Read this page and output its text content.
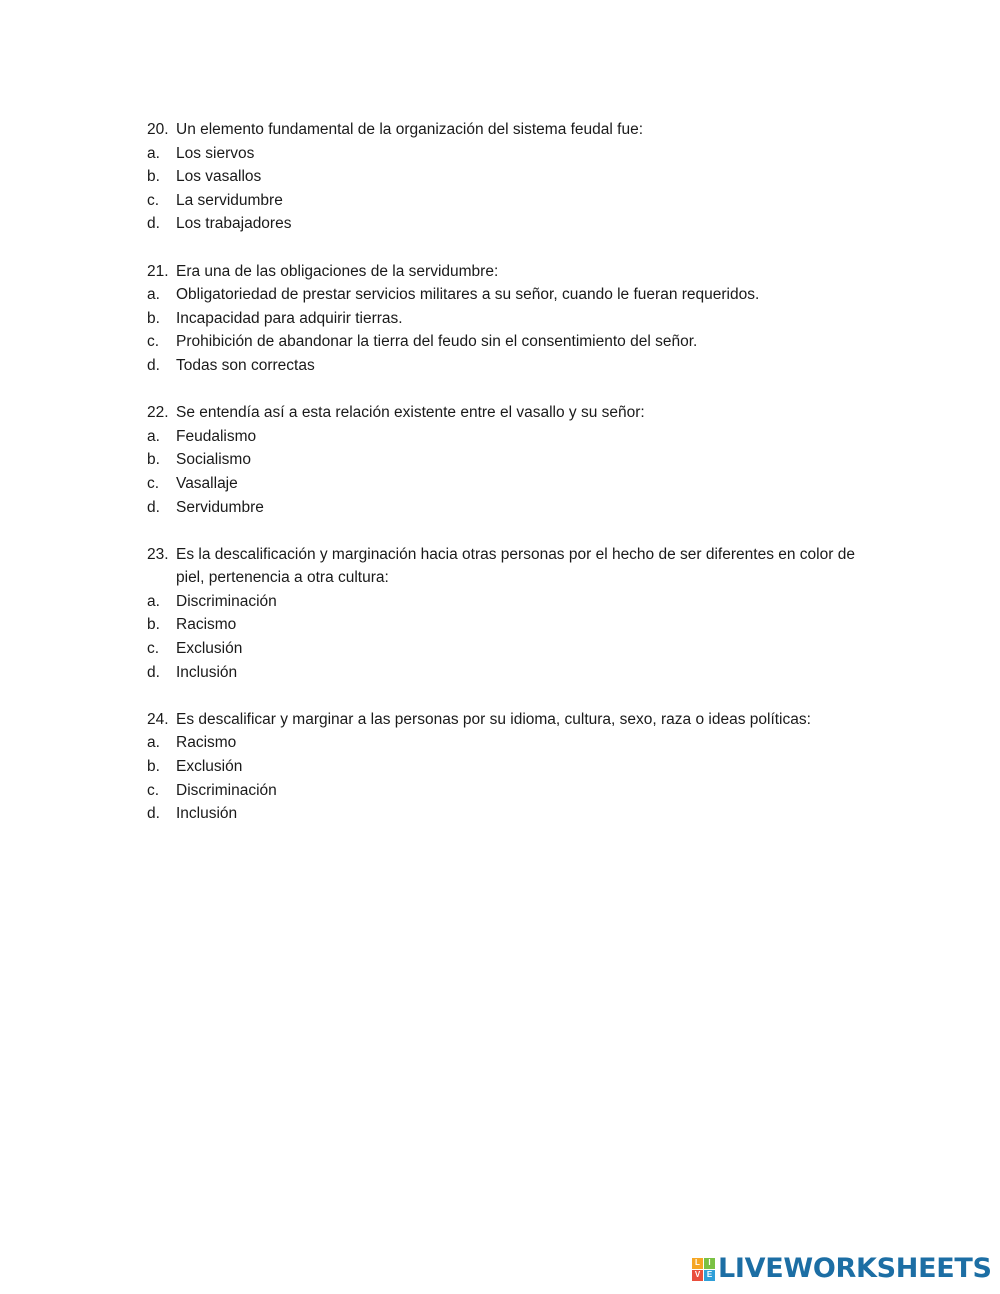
20. Un elemento fundamental de la organización del sistema feudal fue:
a.	Los siervos
b.	Los vasallos
c.	La servidumbre
d.	Los trabajadores
21. Era una de las obligaciones de la servidumbre:
a.	Obligatoriedad de prestar servicios militares a su señor, cuando le fueran requeridos.
b.	Incapacidad para adquirir tierras.
c.	Prohibición de abandonar la tierra del feudo sin el consentimiento del señor.
d.	Todas son correctas
22. Se entendía así a esta relación existente entre el vasallo y su señor:
a.	Feudalismo
b.	Socialismo
c.	Vasallaje
d.	Servidumbre
23. Es la descalificación y marginación hacia otras personas por el hecho de ser diferentes en color de piel, pertenencia a otra cultura:
a.	Discriminación
b.	Racismo
c.	Exclusión
d.	Inclusión
24. Es descalificar y marginar a las personas por su idioma, cultura, sexo, raza o ideas políticas:
a.	Racismo
b.	Exclusión
c.	Discriminación
d.	Inclusión
L	I
V E LIVEWORKSHEETS
